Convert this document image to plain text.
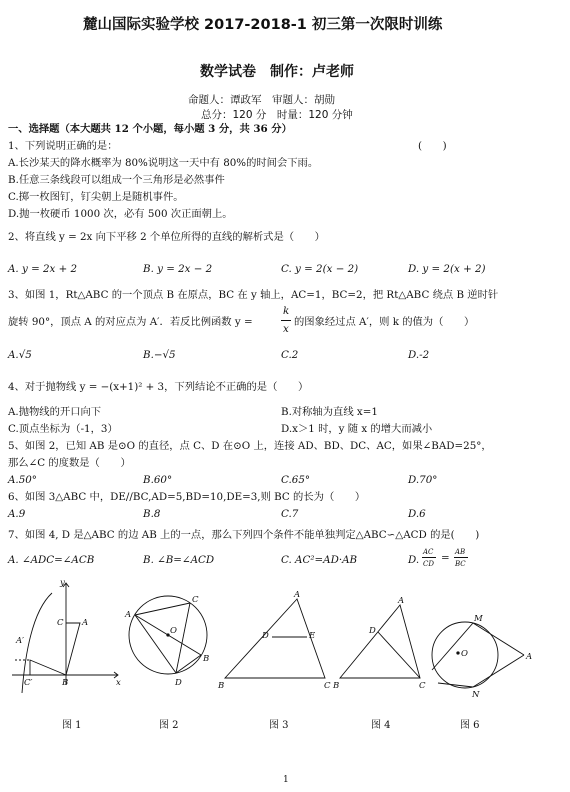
麓山国际实验学校 2017-2018-1 初三第一次限时训练
数学试卷　制作：卢老师
命题人：谭政军　审题人：胡勋
总分：120 分　时量：120 分钟
一、选择题（本大题共 12 个小题，每小题 3 分，共 36 分）
1、下列说明正确的是：	(　　)
A.长沙某天的降水概率为 80%说明这一天中有 80%的时间会下雨。
B.任意三条线段可以组成一个三角形是必然事件
C.掷一枚图钉，钉尖朝上是随机事件。
D.抛一枚硬币 1000 次，必有 500 次正面朝上。
2、将直线 y = 2x 向下平移 2 个单位所得的直线的解析式是（　　）
A. y = 2x + 2	B. y = 2x − 2	C. y = 2(x − 2)	D. y = 2(x + 2)
3、如图 1，Rt△ABC 的一个顶点 B 在原点，BC 在 y 轴上，AC=1，BC=2，把 Rt△ABC 绕点 B 逆时针
旋转 90°，顶点 A 的对应点为 A′．若反比例函数 y =
k
x
的图象经过点 A′，则 k 的值为（　　）
A.√5	B.−√5	C.2	D.-2
4、对于抛物线 y = −(x+1)² + 3，下列结论不正确的是（　　）
A.抛物线的开口向下	B.对称轴为直线 x=1
C.顶点坐标为（-1，3）	D.x＞1 时，y 随 x 的增大而减小
5、如图 2，已知 AB 是⊙O 的直径，点 C、D 在⊙O 上，连接 AD、BD、DC、AC，如果∠BAD=25°，
那么∠C 的度数是（　　）
A.50°	B.60°	C.65°	D.70°
6、如图 3△ABC 中，DE//BC,AD=5,BD=10,DE=3,则 BC 的长为（　　）
A.9	B.8	C.7	D.6
7、如图 4, D 是△ABC 的边 AB 上的一点，那么下列四个条件不能单独判定△ABC∽△ACD 的是(　　)
A. ∠ADC=∠ACB	B. ∠B=∠ACD	C. AC²=AD·AB	D.
AC
CD = AB
BC
y
A′
C A
C′	B	x
C
A
O
B
D
A
D	E
B	C
A
D
B	C
M
O	A
N
图 1	图 2	图 3	图 4	图 6
1
